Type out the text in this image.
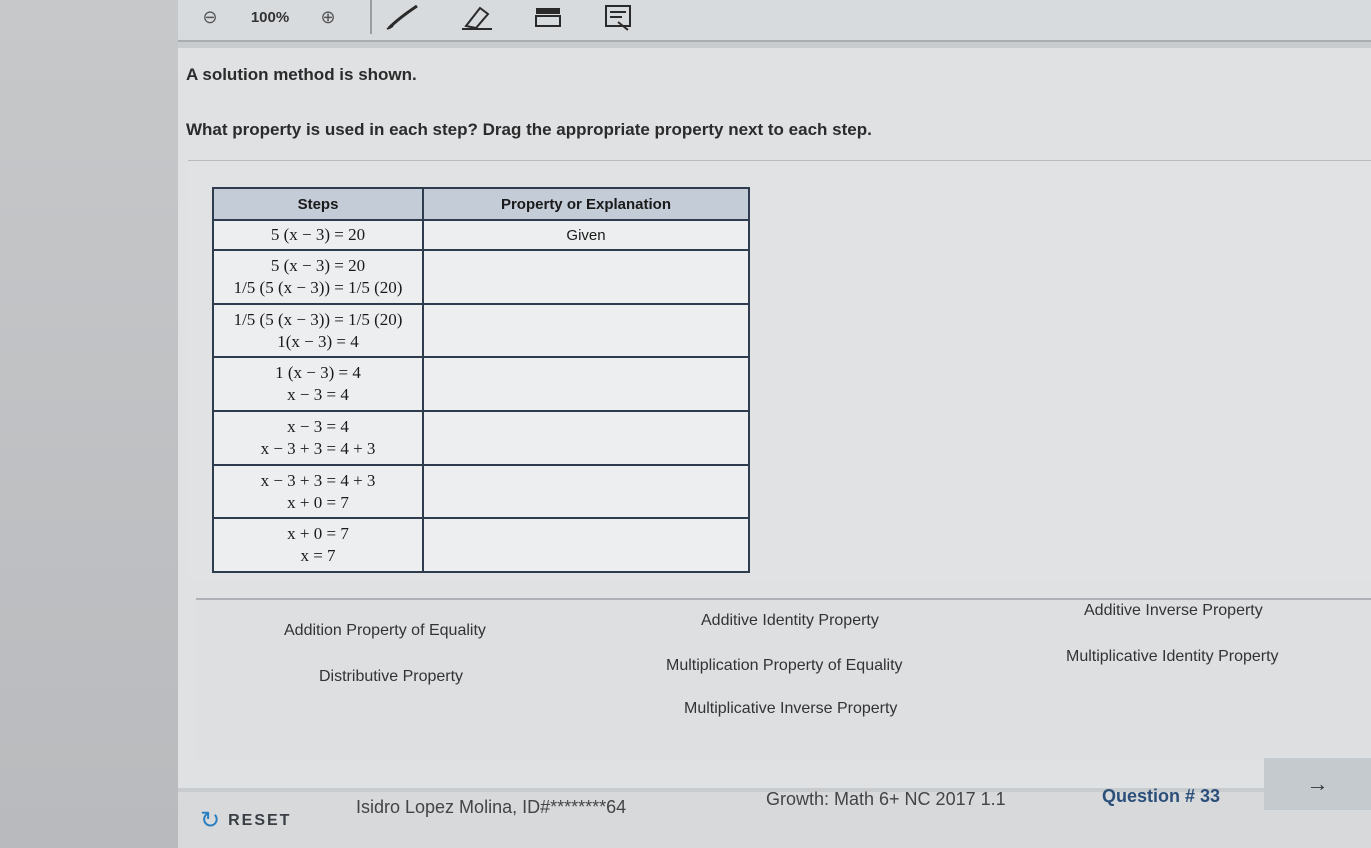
⊖	100%	⊕
A solution method is shown.
What property is used in each step? Drag the appropriate property next to each step.
Steps	Property or Explanation

5 (x − 3) = 20	Given

5 (x − 3) = 20
1/5 (5 (x − 3)) = 1/5 (20)	

1/5 (5 (x − 3)) = 1/5 (20)
1(x − 3) = 4	

1 (x − 3) = 4
x − 3 = 4	

x − 3 = 4
x − 3 + 3 = 4 + 3	

x − 3 + 3 = 4 + 3
x + 0 = 7	

x + 0 = 7
x = 7	

Addition Property of Equality
Additive Identity Property
Additive Inverse Property
Distributive Property
Multiplication Property of Equality
Multiplicative Identity Property
Multiplicative Inverse Property
↻ RESET
Isidro Lopez Molina, ID#********64	Growth: Math 6+ NC 2017 1.1	Question # 33	→
